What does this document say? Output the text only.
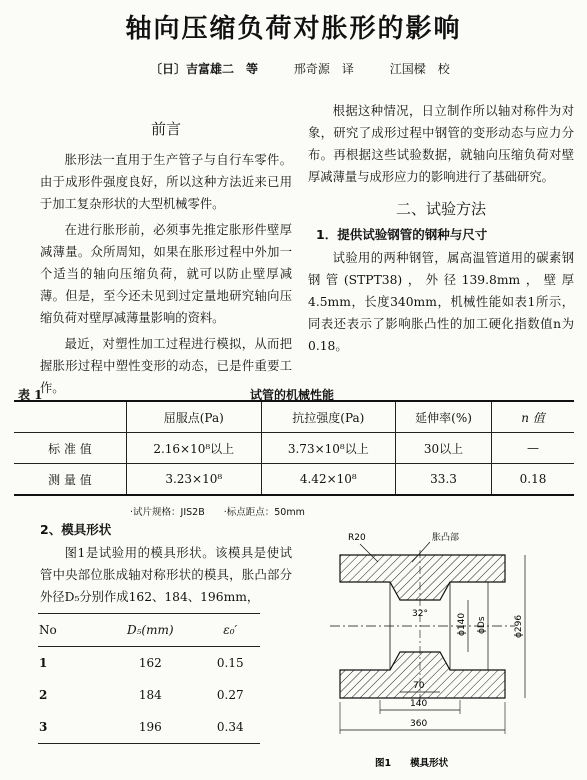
轴向压缩负荷对胀形的影响
〔日〕吉富雄二　等	邢奇源　译	江国樑　校
前言

胀形法一直用于生产管子与自行车零件。由于成形件强度良好，所以这种方法近来已用于加工复杂形状的大型机械零件。

在进行胀形前，必须事先推定胀形件壁厚减薄量。众所周知，如果在胀形过程中外加一个适当的轴向压缩负荷，就可以防止壁厚减薄。但是，至今还未见到过定量地研究轴向压缩负荷对壁厚减薄量影响的资料。

最近，对塑性加工过程进行模拟，从而把握胀形过程中塑性变形的动态，已是件重要工作。

根据这种情况，日立制作所以轴对称件为对象，研究了成形过程中钢管的变形动态与应力分布。再根据这些试验数据，就轴向压缩负荷对壁厚减薄量与成形应力的影响进行了基础研究。

二、试验方法
1．提供试验钢管的钢种与尺寸

试验用的两种钢管，属高温管道用的碳素钢钢管(STPT38)，外径139.8mm，壁厚4.5mm，长度340mm，机械性能如表1所示，同表还表示了影响胀凸性的加工硬化指数值n为0.18。

表 1	试管的机械性能
	屈服点(Pa)	抗拉强度(Pa)	延伸率(%)	n 值
标 准 值	2.16×10⁸以上	3.73×10⁸以上	30以上	—
测 量 值	3.23×10⁸	4.42×10⁸	33.3	0.18
·试片规格：JIS2B　　·标点距点：50mm
2、模具形状

图1是试验用的模具形状。该模具是使试管中央部位胀成轴对称形状的模具，胀凸部分外径D₅分别作成162、184、196mm，

No	D₅(mm)	ε₀′
1	162	0.15
2	184	0.27
3	196	0.34
R20	胀凸部
32°	ϕ140 ϕDs	ϕ296
70
140
360
图1　　模具形状
